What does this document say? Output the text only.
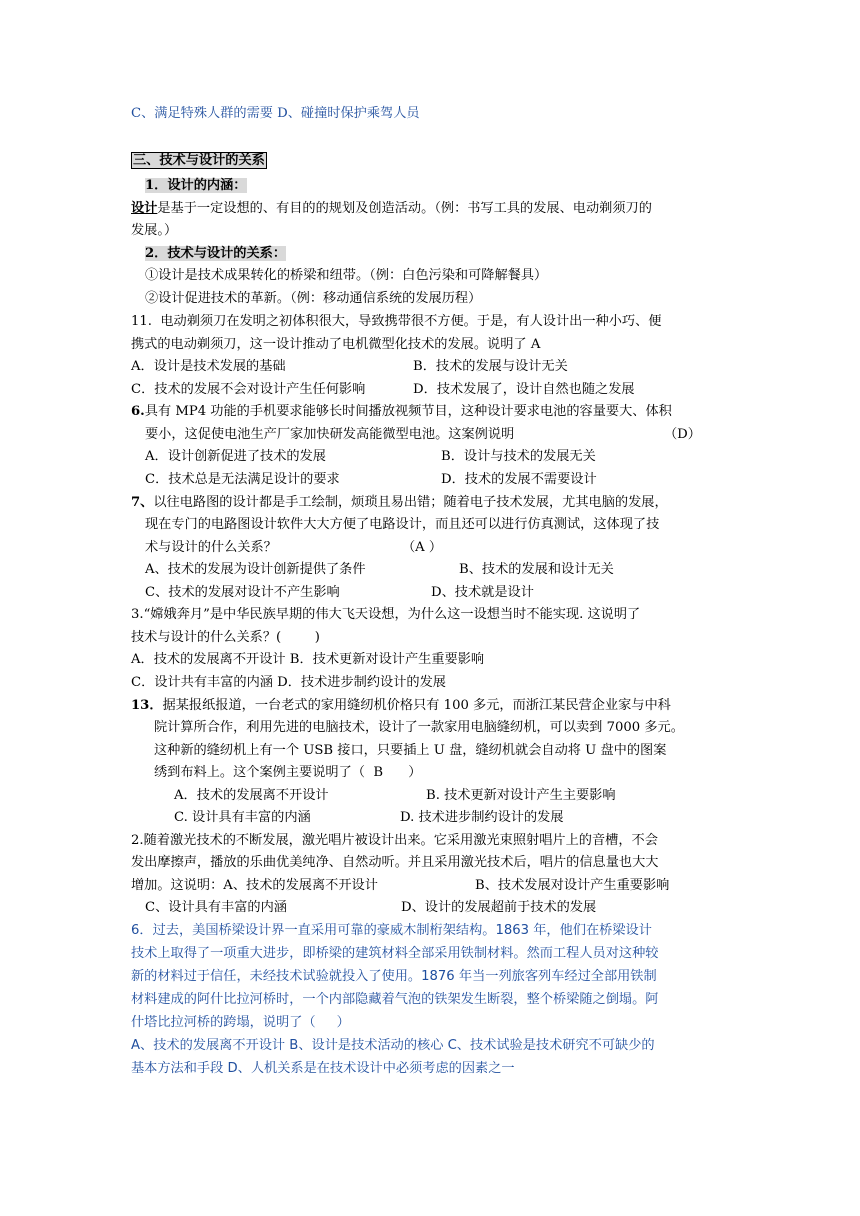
C、满足特殊人群的需要 D、碰撞时保护乘驾人员
三、技术与设计的关系
1．设计的内涵：
设计是基于一定设想的、有目的的规划及创造活动。（例：书写工具的发展、电动剃须刀的
发展。）
2．技术与设计的关系：
①设计是技术成果转化的桥梁和纽带。（例：白色污染和可降解餐具）
②设计促进技术的革新。（例：移动通信系统的发展历程）
11.  电动剃须刀在发明之初体积很大，导致携带很不方便。于是，有人设计出一种小巧、便
携式的电动剃须刀，这一设计推动了电机微型化技术的发展。说明了 A
A．设计是技术发展的基础	B．技术的发展与设计无关
C．技术的发展不会对设计产生任何影响	D．技术发展了，设计自然也随之发展
6.具有 MP4 功能的手机要求能够长时间播放视频节目，这种设计要求电池的容量要大、体积
要小，这促使电池生产厂家加快研发高能微型电池。这案例说明	（D）
A．设计创新促进了技术的发展	B．设计与技术的发展无关
C．技术总是无法满足设计的要求	D．技术的发展不需要设计
7、以往电路图的设计都是手工绘制，烦琐且易出错；随着电子技术发展，尤其电脑的发展，
现在专门的电路图设计软件大大方便了电路设计，而且还可以进行仿真测试，这体现了技
术与设计的什么关系？	（A ）
A、技术的发展为设计创新提供了条件	B、技术的发展和设计无关
C、技术的发展对设计不产生影响	D、技术就是设计
3.“嫦娥奔月”是中华民族早期的伟大飞天设想，为什么这一设想当时不能实现. 这说明了
技术与设计的什么关系？(        )
A．技术的发展离不开设计 B．技术更新对设计产生重要影响
C．设计共有丰富的内涵 D．技术进步制约设计的发展
13．据某报纸报道，一台老式的家用缝纫机价格只有 100 多元，而浙江某民营企业家与中科
院计算所合作，利用先进的电脑技术，设计了一款家用电脑缝纫机，可以卖到 7000 多元。
这种新的缝纫机上有一个 USB 接口，只要插上 U 盘，缝纫机就会自动将 U 盘中的图案
绣到布料上。这个案例主要说明了（  B      ）
A．技术的发展离不开设计	B. 技术更新对设计产生主要影响
C. 设计具有丰富的内涵	D. 技术进步制约设计的发展
2.随着激光技术的不断发展，激光唱片被设计出来。它采用激光束照射唱片上的音槽，不会
发出摩擦声，播放的乐曲优美纯净、自然动听。并且采用激光技术后，唱片的信息量也大大
增加。这说明：A、技术的发展离不开设计	B、技术发展对设计产生重要影响
C、设计具有丰富的内涵	D、设计的发展超前于技术的发展
6．过去，美国桥梁设计界一直采用可靠的豪威木制桁架结构。1863 年，他们在桥梁设计
技术上取得了一项重大进步，即桥梁的建筑材料全部采用铁制材料。然而工程人员对这种较
新的材料过于信任，未经技术试验就投入了使用。1876 年当一列旅客列车经过全部用铁制
材料建成的阿什比拉河桥时，一个内部隐藏着气泡的铁架发生断裂，整个桥梁随之倒塌。阿
什塔比拉河桥的跨塌，说明了（     ）
A、技术的发展离不开设计 B、设计是技术活动的核心 C、技术试验是技术研究不可缺少的
基本方法和手段 D、人机关系是在技术设计中必须考虑的因素之一
